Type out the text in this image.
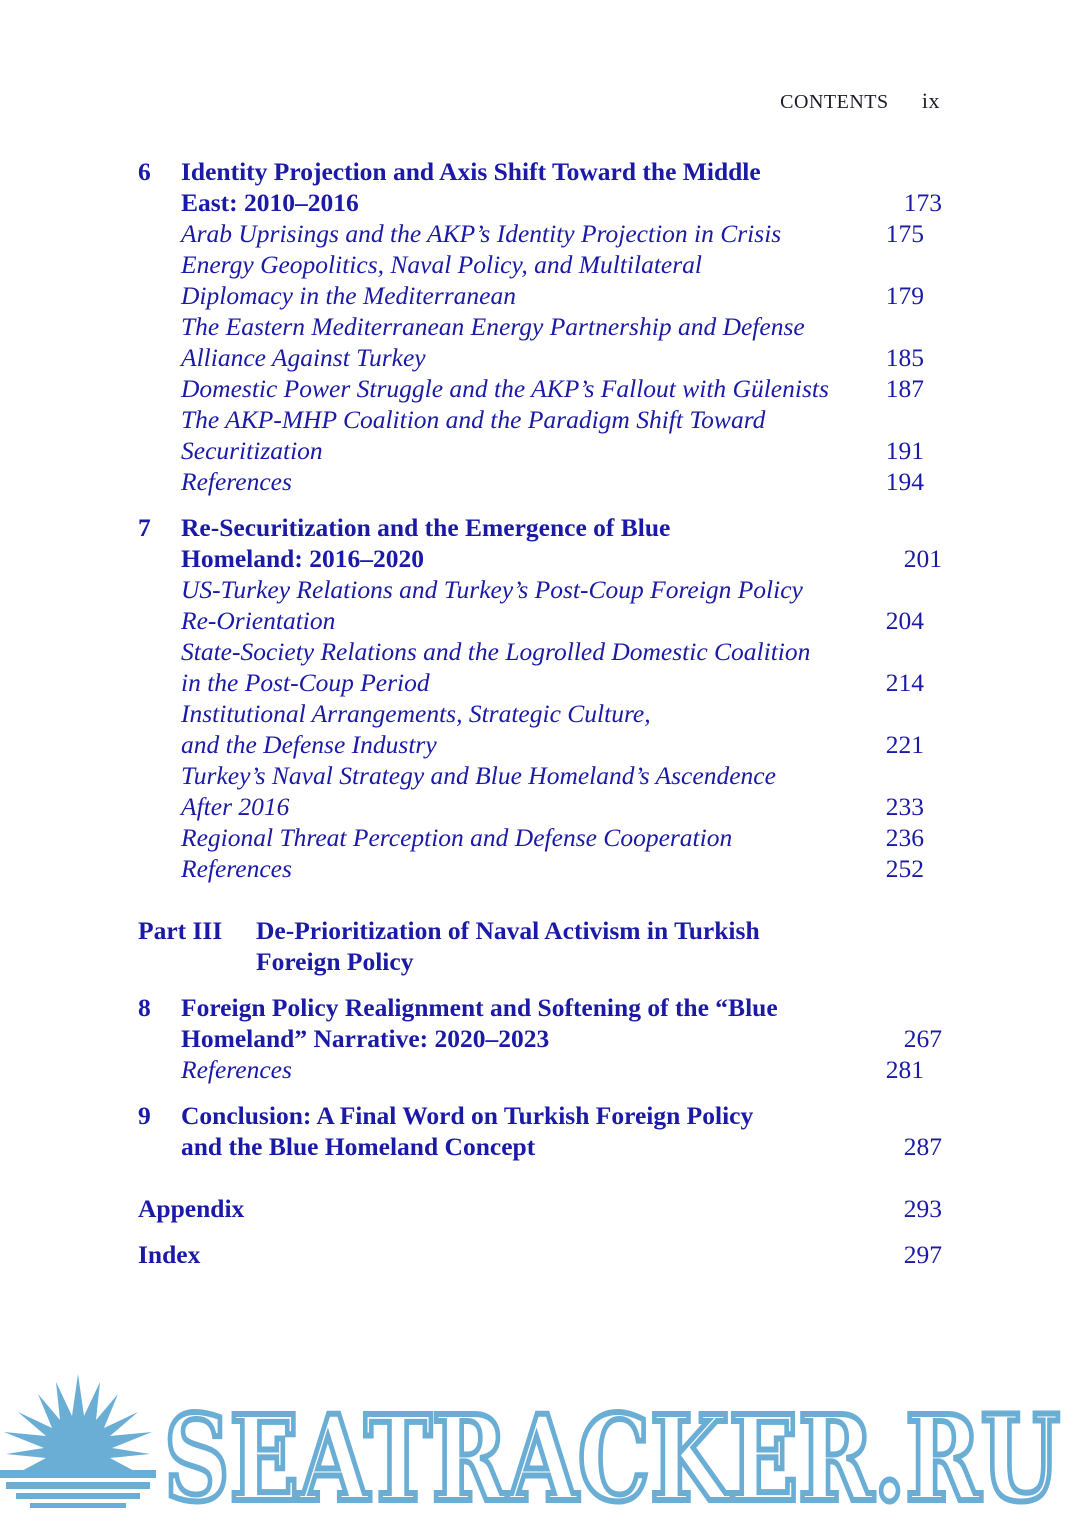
CONTENTS ix
6 Identity Projection and Axis Shift Toward the Middle
East: 2010–2016	173
Arab Uprisings and the AKP’s Identity Projection in Crisis	175
Energy Geopolitics, Naval Policy, and Multilateral
Diplomacy in the Mediterranean	179
The Eastern Mediterranean Energy Partnership and Defense
Alliance Against Turkey	185
Domestic Power Struggle and the AKP’s Fallout with Gülenists	187
The AKP-MHP Coalition and the Paradigm Shift Toward
Securitization	191
References	194
7 Re-Securitization and the Emergence of Blue
Homeland: 2016–2020	201
US-Turkey Relations and Turkey’s Post-Coup Foreign Policy
Re-Orientation	204
State-Society Relations and the Logrolled Domestic Coalition
in the Post-Coup Period	214
Institutional Arrangements, Strategic Culture,
and the Defense Industry	221
Turkey’s Naval Strategy and Blue Homeland’s Ascendence
After 2016	233
Regional Threat Perception and Defense Cooperation	236
References	252
Part III De-Prioritization of Naval Activism in Turkish
Foreign Policy
8 Foreign Policy Realignment and Softening of the “Blue
Homeland” Narrative: 2020–2023	267
References	281
9 Conclusion: A Final Word on Turkish Foreign Policy
and the Blue Homeland Concept	287
Appendix	293
Index	297
SEATRACKER.RU
